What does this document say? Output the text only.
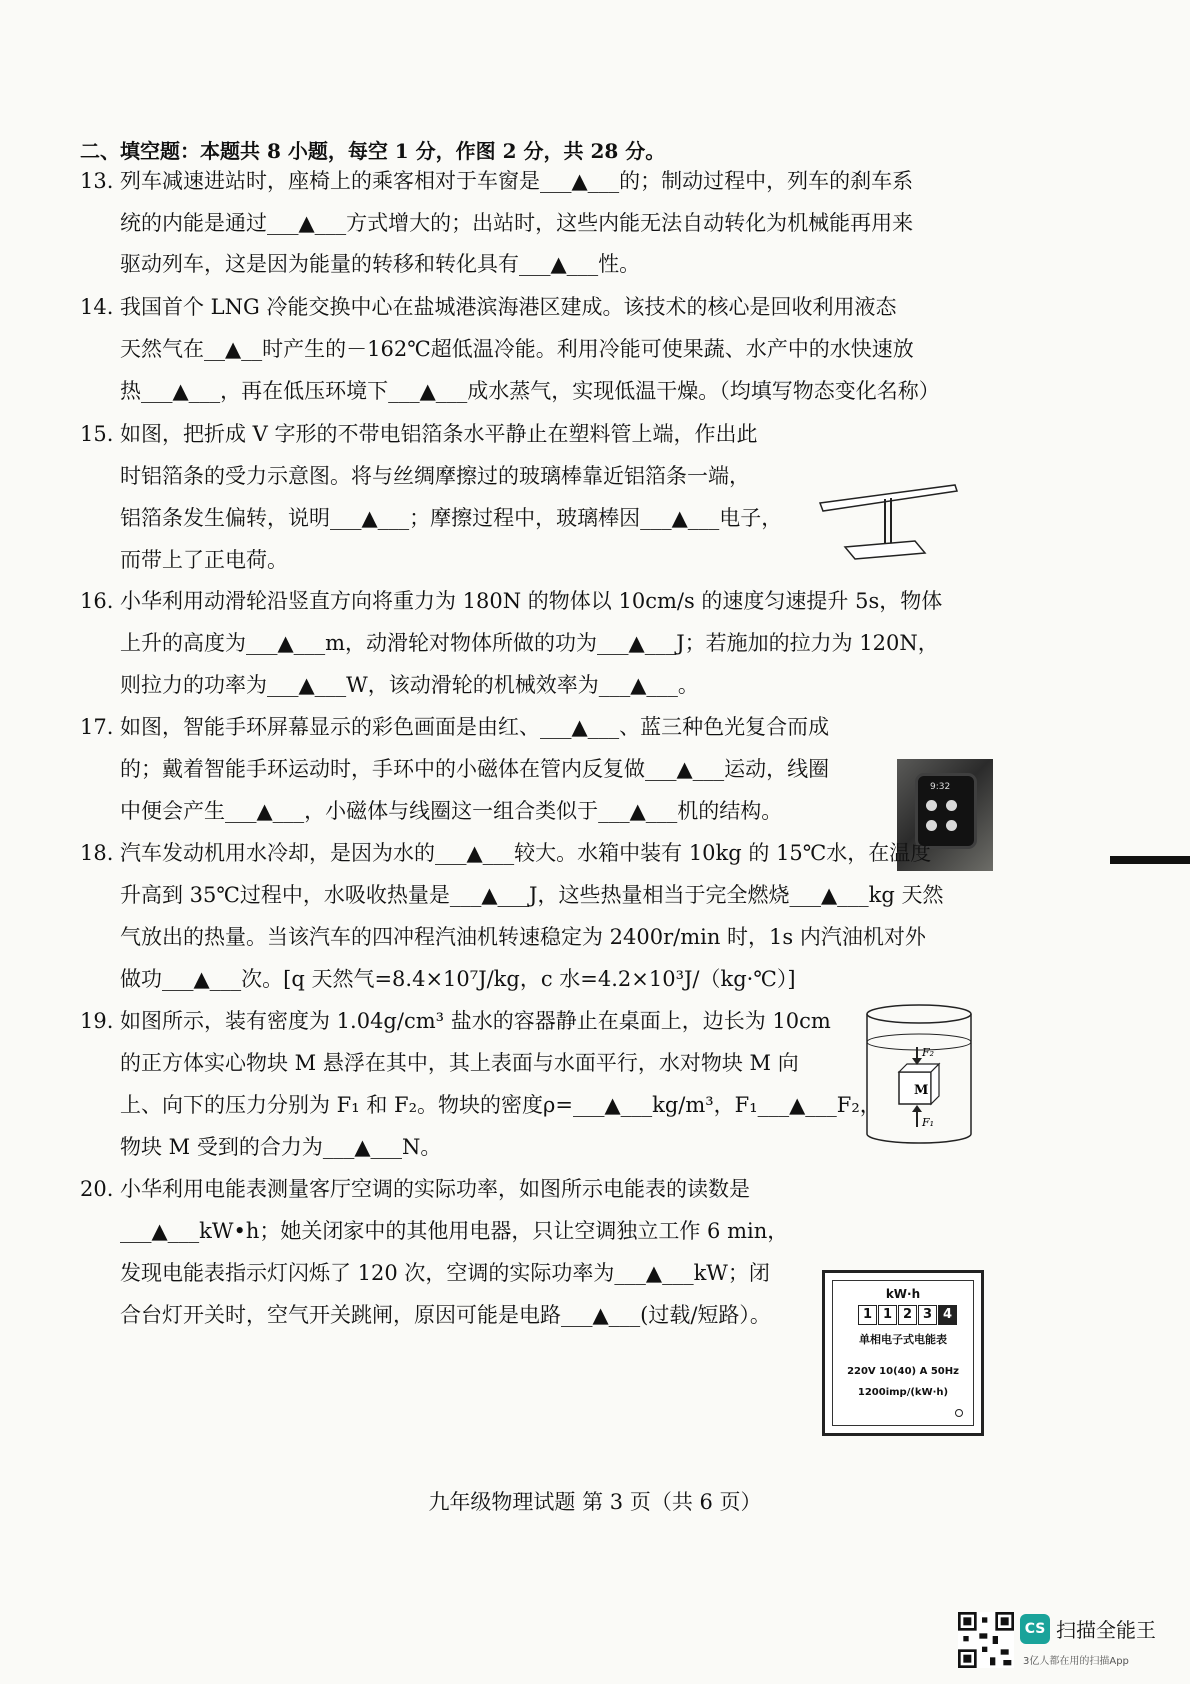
二、填空题：本题共 8 小题，每空 1 分，作图 2 分，共 28 分。
13. 列车减速进站时，座椅上的乘客相对于车窗是___▲___的；制动过程中，列车的刹车系
统的内能是通过___▲___方式增大的；出站时，这些内能无法自动转化为机械能再用来
驱动列车，这是因为能量的转移和转化具有___▲___性。
14. 我国首个 LNG 冷能交换中心在盐城港滨海港区建成。该技术的核心是回收利用液态
天然气在__▲__时产生的－162℃超低温冷能。利用冷能可使果蔬、水产中的水快速放
热___▲___，再在低压环境下___▲___成水蒸气，实现低温干燥。（均填写物态变化名称）
15. 如图，把折成 V 字形的不带电铝箔条水平静止在塑料管上端，作出此
时铝箔条的受力示意图。将与丝绸摩擦过的玻璃棒靠近铝箔条一端，
铝箔条发生偏转，说明___▲___；摩擦过程中，玻璃棒因___▲___电子，
而带上了正电荷。
16. 小华利用动滑轮沿竖直方向将重力为 180N 的物体以 10cm/s 的速度匀速提升 5s，物体
上升的高度为___▲___m，动滑轮对物体所做的功为___▲___J；若施加的拉力为 120N，
则拉力的功率为___▲___W，该动滑轮的机械效率为___▲___。
17. 如图，智能手环屏幕显示的彩色画面是由红、___▲___、蓝三种色光复合而成
的；戴着智能手环运动时，手环中的小磁体在管内反复做___▲___运动，线圈
中便会产生___▲___，小磁体与线圈这一组合类似于___▲___机的结构。
9:32
18. 汽车发动机用水冷却，是因为水的___▲___较大。水箱中装有 10kg 的 15℃水，在温度
升高到 35℃过程中，水吸收热量是___▲___J，这些热量相当于完全燃烧___▲___kg 天然
气放出的热量。当该汽车的四冲程汽油机转速稳定为 2400r/min 时，1s 内汽油机对外
做功___▲___次。[q 天然气=8.4×10⁷J/kg，c 水=4.2×10³J/（kg·℃）]
19. 如图所示，装有密度为 1.04g/cm³ 盐水的容器静止在桌面上，边长为 10cm
的正方体实心物块 M 悬浮在其中，其上表面与水面平行，水对物块 M 向
上、向下的压力分别为 F₁ 和 F₂。物块的密度ρ=___▲___kg/m³，F₁___▲___F₂，
物块 M 受到的合力为___▲___N。
M
F₂
F₁
20. 小华利用电能表测量客厅空调的实际功率，如图所示电能表的读数是
___▲___kW•h；她关闭家中的其他用电器，只让空调独立工作 6 min，
发现电能表指示灯闪烁了 120 次，空调的实际功率为___▲___kW；闭
合台灯开关时，空气开关跳闸，原因可能是电路___▲___(过载/短路）。
kW·h
1 1 2 3 4
单相电子式电能表
220V 10(40) A 50Hz
1200imp/(kW·h)
九年级物理试题 第 3 页（共 6 页）
CS 扫描全能王
3亿人都在用的扫描App
